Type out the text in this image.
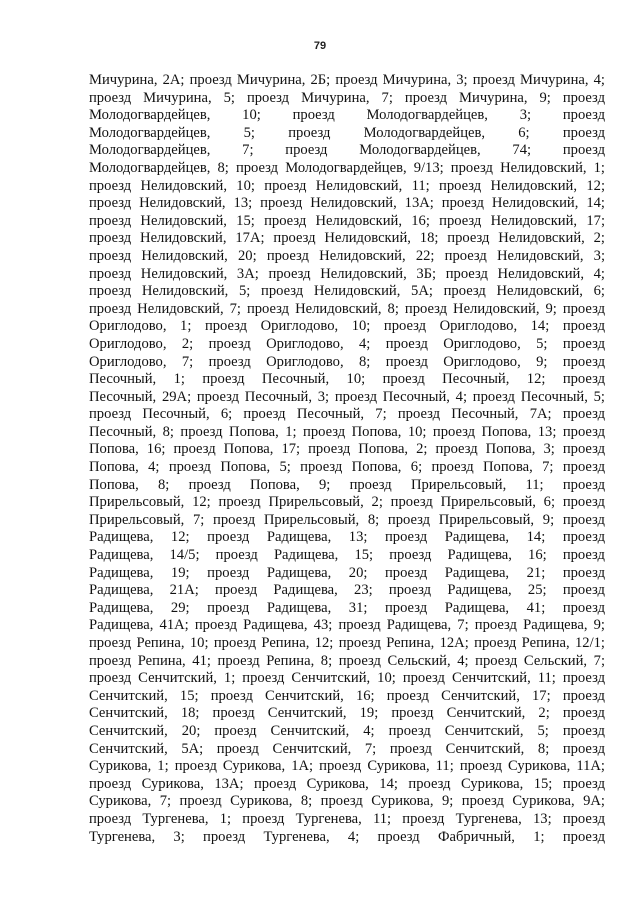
79
Мичурина, 2А; проезд Мичурина, 2Б; проезд Мичурина, 3; проезд Мичурина, 4;
проезд Мичурина, 5; проезд Мичурина, 7; проезд Мичурина, 9; проезд
Молодогвардейцев, 10; проезд Молодогвардейцев, 3; проезд
Молодогвардейцев, 5; проезд Молодогвардейцев, 6; проезд
Молодогвардейцев, 7; проезд Молодогвардейцев, 74; проезд
Молодогвардейцев, 8; проезд Молодогвардейцев, 9/13; проезд Нелидовский, 1;
проезд Нелидовский, 10; проезд Нелидовский, 11; проезд Нелидовский, 12;
проезд Нелидовский, 13; проезд Нелидовский, 13А; проезд Нелидовский, 14;
проезд Нелидовский, 15; проезд Нелидовский, 16; проезд Нелидовский, 17;
проезд Нелидовский, 17А; проезд Нелидовский, 18; проезд Нелидовский, 2;
проезд Нелидовский, 20; проезд Нелидовский, 22; проезд Нелидовский, 3;
проезд Нелидовский, 3А; проезд Нелидовский, 3Б; проезд Нелидовский, 4;
проезд Нелидовский, 5; проезд Нелидовский, 5А; проезд Нелидовский, 6;
проезд Нелидовский, 7; проезд Нелидовский, 8; проезд Нелидовский, 9; проезд
Ориглодово, 1; проезд Ориглодово, 10; проезд Ориглодово, 14; проезд
Ориглодово, 2; проезд Ориглодово, 4; проезд Ориглодово, 5; проезд
Ориглодово, 7; проезд Ориглодово, 8; проезд Ориглодово, 9; проезд
Песочный, 1; проезд Песочный, 10; проезд Песочный, 12; проезд
Песочный, 29А; проезд Песочный, 3; проезд Песочный, 4; проезд Песочный, 5;
проезд Песочный, 6; проезд Песочный, 7; проезд Песочный, 7А; проезд
Песочный, 8; проезд Попова, 1; проезд Попова, 10; проезд Попова, 13; проезд
Попова, 16; проезд Попова, 17; проезд Попова, 2; проезд Попова, 3; проезд
Попова, 4; проезд Попова, 5; проезд Попова, 6; проезд Попова, 7; проезд
Попова, 8; проезд Попова, 9; проезд Прирельсовый, 11; проезд
Прирельсовый, 12; проезд Прирельсовый, 2; проезд Прирельсовый, 6; проезд
Прирельсовый, 7; проезд Прирельсовый, 8; проезд Прирельсовый, 9; проезд
Радищева, 12; проезд Радищева, 13; проезд Радищева, 14; проезд
Радищева, 14/5; проезд Радищева, 15; проезд Радищева, 16; проезд
Радищева, 19; проезд Радищева, 20; проезд Радищева, 21; проезд
Радищева, 21А; проезд Радищева, 23; проезд Радищева, 25; проезд
Радищева, 29; проезд Радищева, 31; проезд Радищева, 41; проезд
Радищева, 41А; проезд Радищева, 43; проезд Радищева, 7; проезд Радищева, 9;
проезд Репина, 10; проезд Репина, 12; проезд Репина, 12А; проезд Репина, 12/1;
проезд Репина, 41; проезд Репина, 8; проезд Сельский, 4; проезд Сельский, 7;
проезд Сенчитский, 1; проезд Сенчитский, 10; проезд Сенчитский, 11; проезд
Сенчитский, 15; проезд Сенчитский, 16; проезд Сенчитский, 17; проезд
Сенчитский, 18; проезд Сенчитский, 19; проезд Сенчитский, 2; проезд
Сенчитский, 20; проезд Сенчитский, 4; проезд Сенчитский, 5; проезд
Сенчитский, 5А; проезд Сенчитский, 7; проезд Сенчитский, 8; проезд
Сурикова, 1; проезд Сурикова, 1А; проезд Сурикова, 11; проезд Сурикова, 11А;
проезд Сурикова, 13А; проезд Сурикова, 14; проезд Сурикова, 15; проезд
Сурикова, 7; проезд Сурикова, 8; проезд Сурикова, 9; проезд Сурикова, 9А;
проезд Тургенева, 1; проезд Тургенева, 11; проезд Тургенева, 13; проезд
Тургенева, 3; проезд Тургенева, 4; проезд Фабричный, 1; проезд
